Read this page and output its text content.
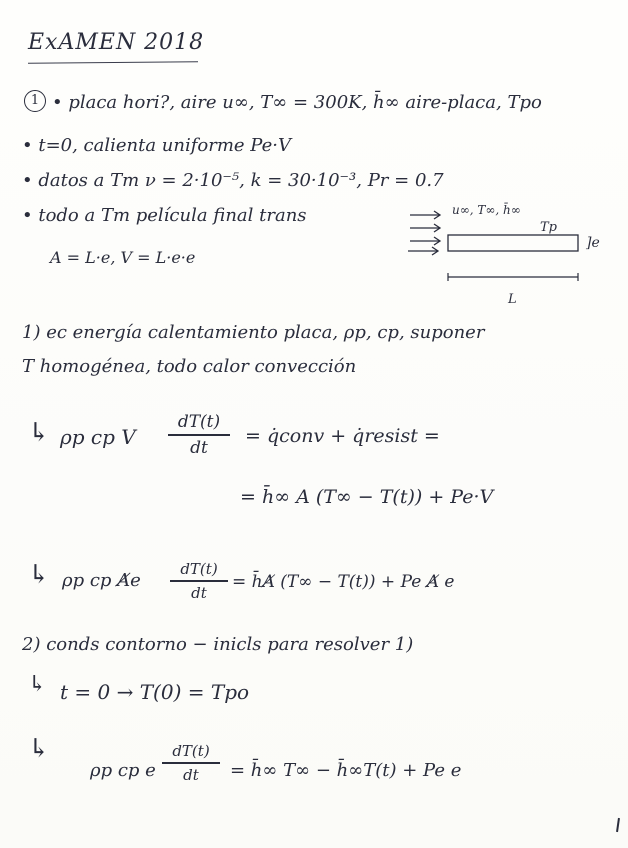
ExAMEN 2018
1 • placa hori?, aire u∞, T∞ = 300K, h̄∞ aire-placa, Tpo
• t=0, calienta uniforme Pe·V
• datos a Tm ν = 2·10⁻⁵, k = 30·10⁻³, Pr = 0.7
• todo a Tm película final trans
A = L·e, V = L·e·e
u∞, T∞, h̄∞
Tp
]e
L
1) ec energía calentamiento placa, ρp, cp, suponer
T homogénea, todo calor convección
↳ ρp cp V
dT(t)
dt
= q̇conv + q̇resist =
= h̄∞ A (T∞ − T(t)) + Pe·V
↳ ρp cp A̸e
dT(t)
dt
= h̄A̸ (T∞ − T(t)) + Pe A̸ e
2) conds contorno − inicls para resolver 1)
↳ t = 0 → T(0) = Tpo
↳
ρp cp e
dT(t)
dt	= h̄∞ T∞ − h̄∞T(t) + Pe e
